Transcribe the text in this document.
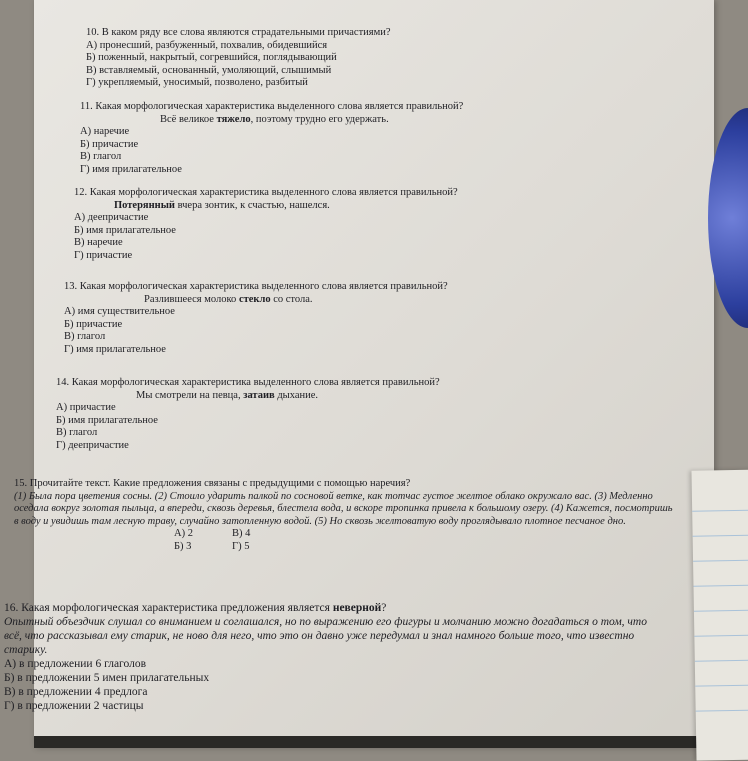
10. В каком ряду все слова являются страдательными причастиями?
А) пронесший, разбуженный, похвалив, обидевшийся
Б) поженный, накрытый, согревшийся, поглядывающий
В) вставляемый, основанный, умоляющий, слышимый
Г) укрепляемый, уносимый, позволено, разбитый
11. Какая морфологическая характеристика выделенного слова является правильной?
Всё великое тяжело, поэтому трудно его удержать.
А) наречие
Б) причастие
В) глагол
Г) имя прилагательное
12. Какая морфологическая характеристика выделенного слова является правильной?
Потерянный вчера зонтик, к счастью, нашелся.
А) деепричастие
Б) имя прилагательное
В) наречие
Г) причастие
13. Какая морфологическая характеристика выделенного слова является правильной?
Разлившееся молоко стекло со стола.
А) имя существительное
Б) причастие
В) глагол
Г) имя прилагательное
14. Какая морфологическая характеристика выделенного слова является правильной?
Мы смотрели на певца, затаив дыхание.
А) причастие
Б) имя прилагательное
В) глагол
Г) деепричастие
15. Прочитайте текст. Какие предложения связаны с предыдущими с помощью наречия?
(1) Была пора цветения сосны. (2) Стоило ударить палкой по сосновой ветке, как тотчас густое желтое облако окружало вас. (3) Медленно оседала вокруг золотая пыльца, а впереди, сквозь деревья, блестела вода, и вскоре тропинка привела к большому озеру. (4) Кажется, посмотришь в воду и увидишь там лесную траву, случайно затопленную водой. (5) Но сквозь желтоватую воду проглядывало плотное песчаное дно.
А) 2	В) 4
Б) 3	Г) 5
16. Какая морфологическая характеристика предложения является неверной?
Опытный объездчик слушал со вниманием и соглашался, но по выражению его фигуры и молчанию можно догадаться о том, что всё, что рассказывал ему старик, не ново для него, что это он давно уже передумал и знал намного больше того, что известно старику.
А) в предложении 6 глаголов
Б) в предложении 5 имен прилагательных
В) в предложении 4 предлога
Г) в предложении 2 частицы
